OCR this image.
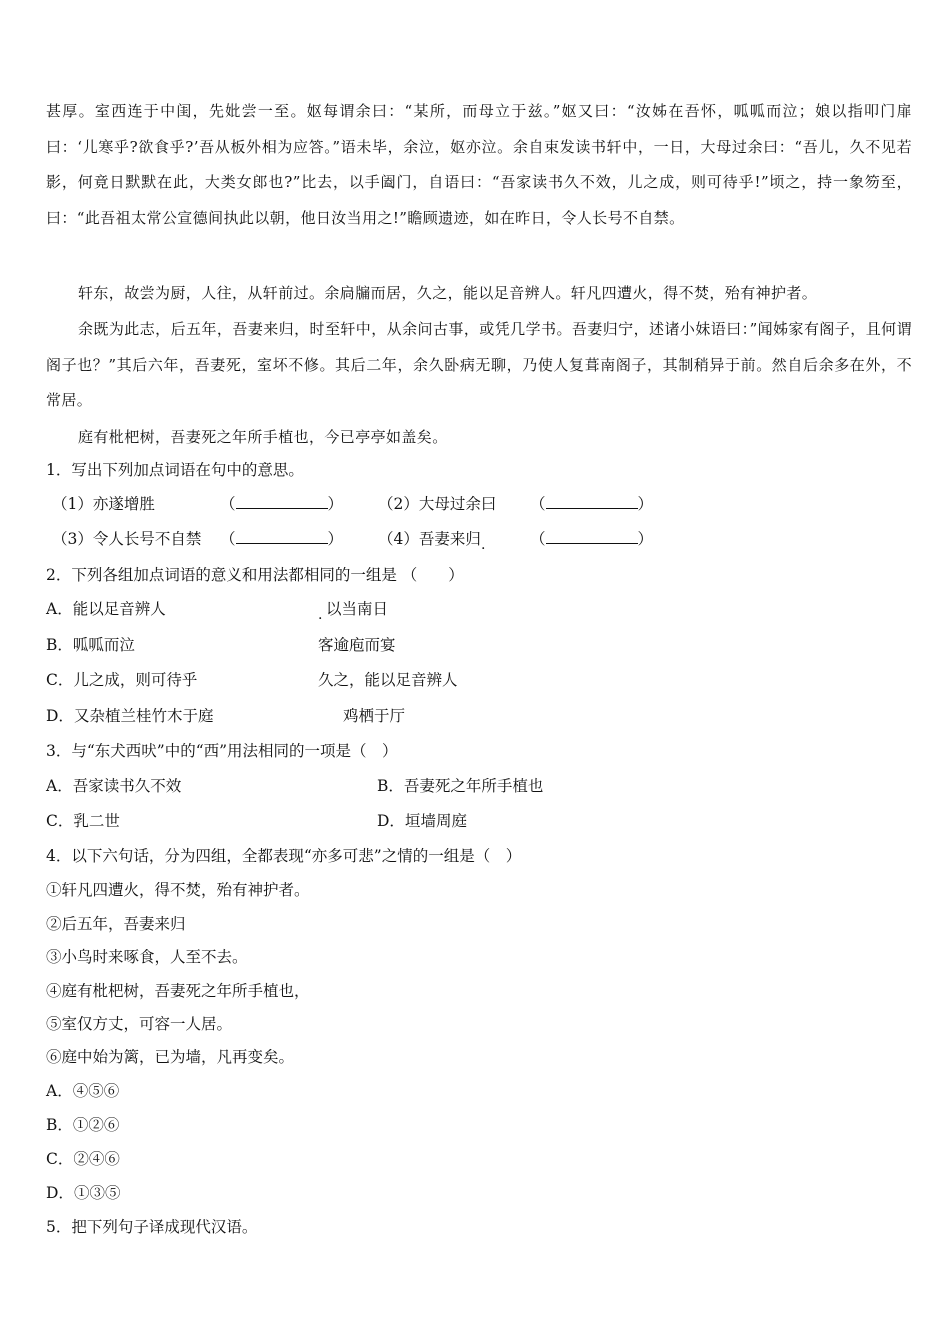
甚厚。室西连于中闺，先妣尝一至。妪每谓余曰：“某所，而母立于兹。”妪又曰：“汝姊在吾怀，呱呱而泣；娘以指叩门扉曰：‘儿寒乎?欲食乎?’吾从板外相为应答。”语未毕，余泣，妪亦泣。余自束发读书轩中，一日，大母过余曰：“吾儿，久不见若影，何竟日默默在此，大类女郎也?”比去，以手阖门，自语曰：“吾家读书久不效，儿之成，则可待乎!”顷之，持一象笏至，曰：“此吾祖太常公宣德间执此以朝，他日汝当用之!”瞻顾遗迹，如在昨日，令人长号不自禁。

轩东，故尝为厨，人往，从轩前过。余扃牖而居，久之，能以足音辨人。轩凡四遭火，得不焚，殆有神护者。

余既为此志，后五年，吾妻来归，时至轩中，从余问古事，或凭几学书。吾妻归宁，述诸小妹语曰：”闻姊家有阁子，且何谓阁子也？”其后六年，吾妻死，室坏不修。其后二年，余久卧病无聊，乃使人复葺南阁子，其制稍异于前。然自后余多在外，不常居。

庭有枇杷树，吾妻死之年所手植也，今已亭亭如盖矣。

1．写出下列加点词语在句中的意思。
（1）亦遂增胜	（	） （2）大母过余曰 （	）
（3）令人长号不自禁 （	） （4）吾妻来归 .	（	）
2．下列各组加点词语的意义和用法都相同的一组是 （　　）
A．能以足音辨人	. 以当南日
B．呱呱而泣	客逾庖而宴
C．儿之成，则可待乎	久之，能以足音辨人
D．又杂植兰桂竹木于庭	鸡栖于厅
3．与“东犬西吠”中的“西”用法相同的一项是（　）
A．吾家读书久不效	B．吾妻死之年所手植也
C．乳二世	D．垣墙周庭
4．以下六句话，分为四组，全都表现“亦多可悲”之情的一组是（　）
①轩凡四遭火，得不焚，殆有神护者。
②后五年，吾妻来归
③小鸟时来啄食，人至不去。
④庭有枇杷树，吾妻死之年所手植也，
⑤室仅方丈，可容一人居。
⑥庭中始为篱，已为墙，凡再变矣。
A．④⑤⑥
B．①②⑥
C．②④⑥
D．①③⑤
5．把下列句子译成现代汉语。
